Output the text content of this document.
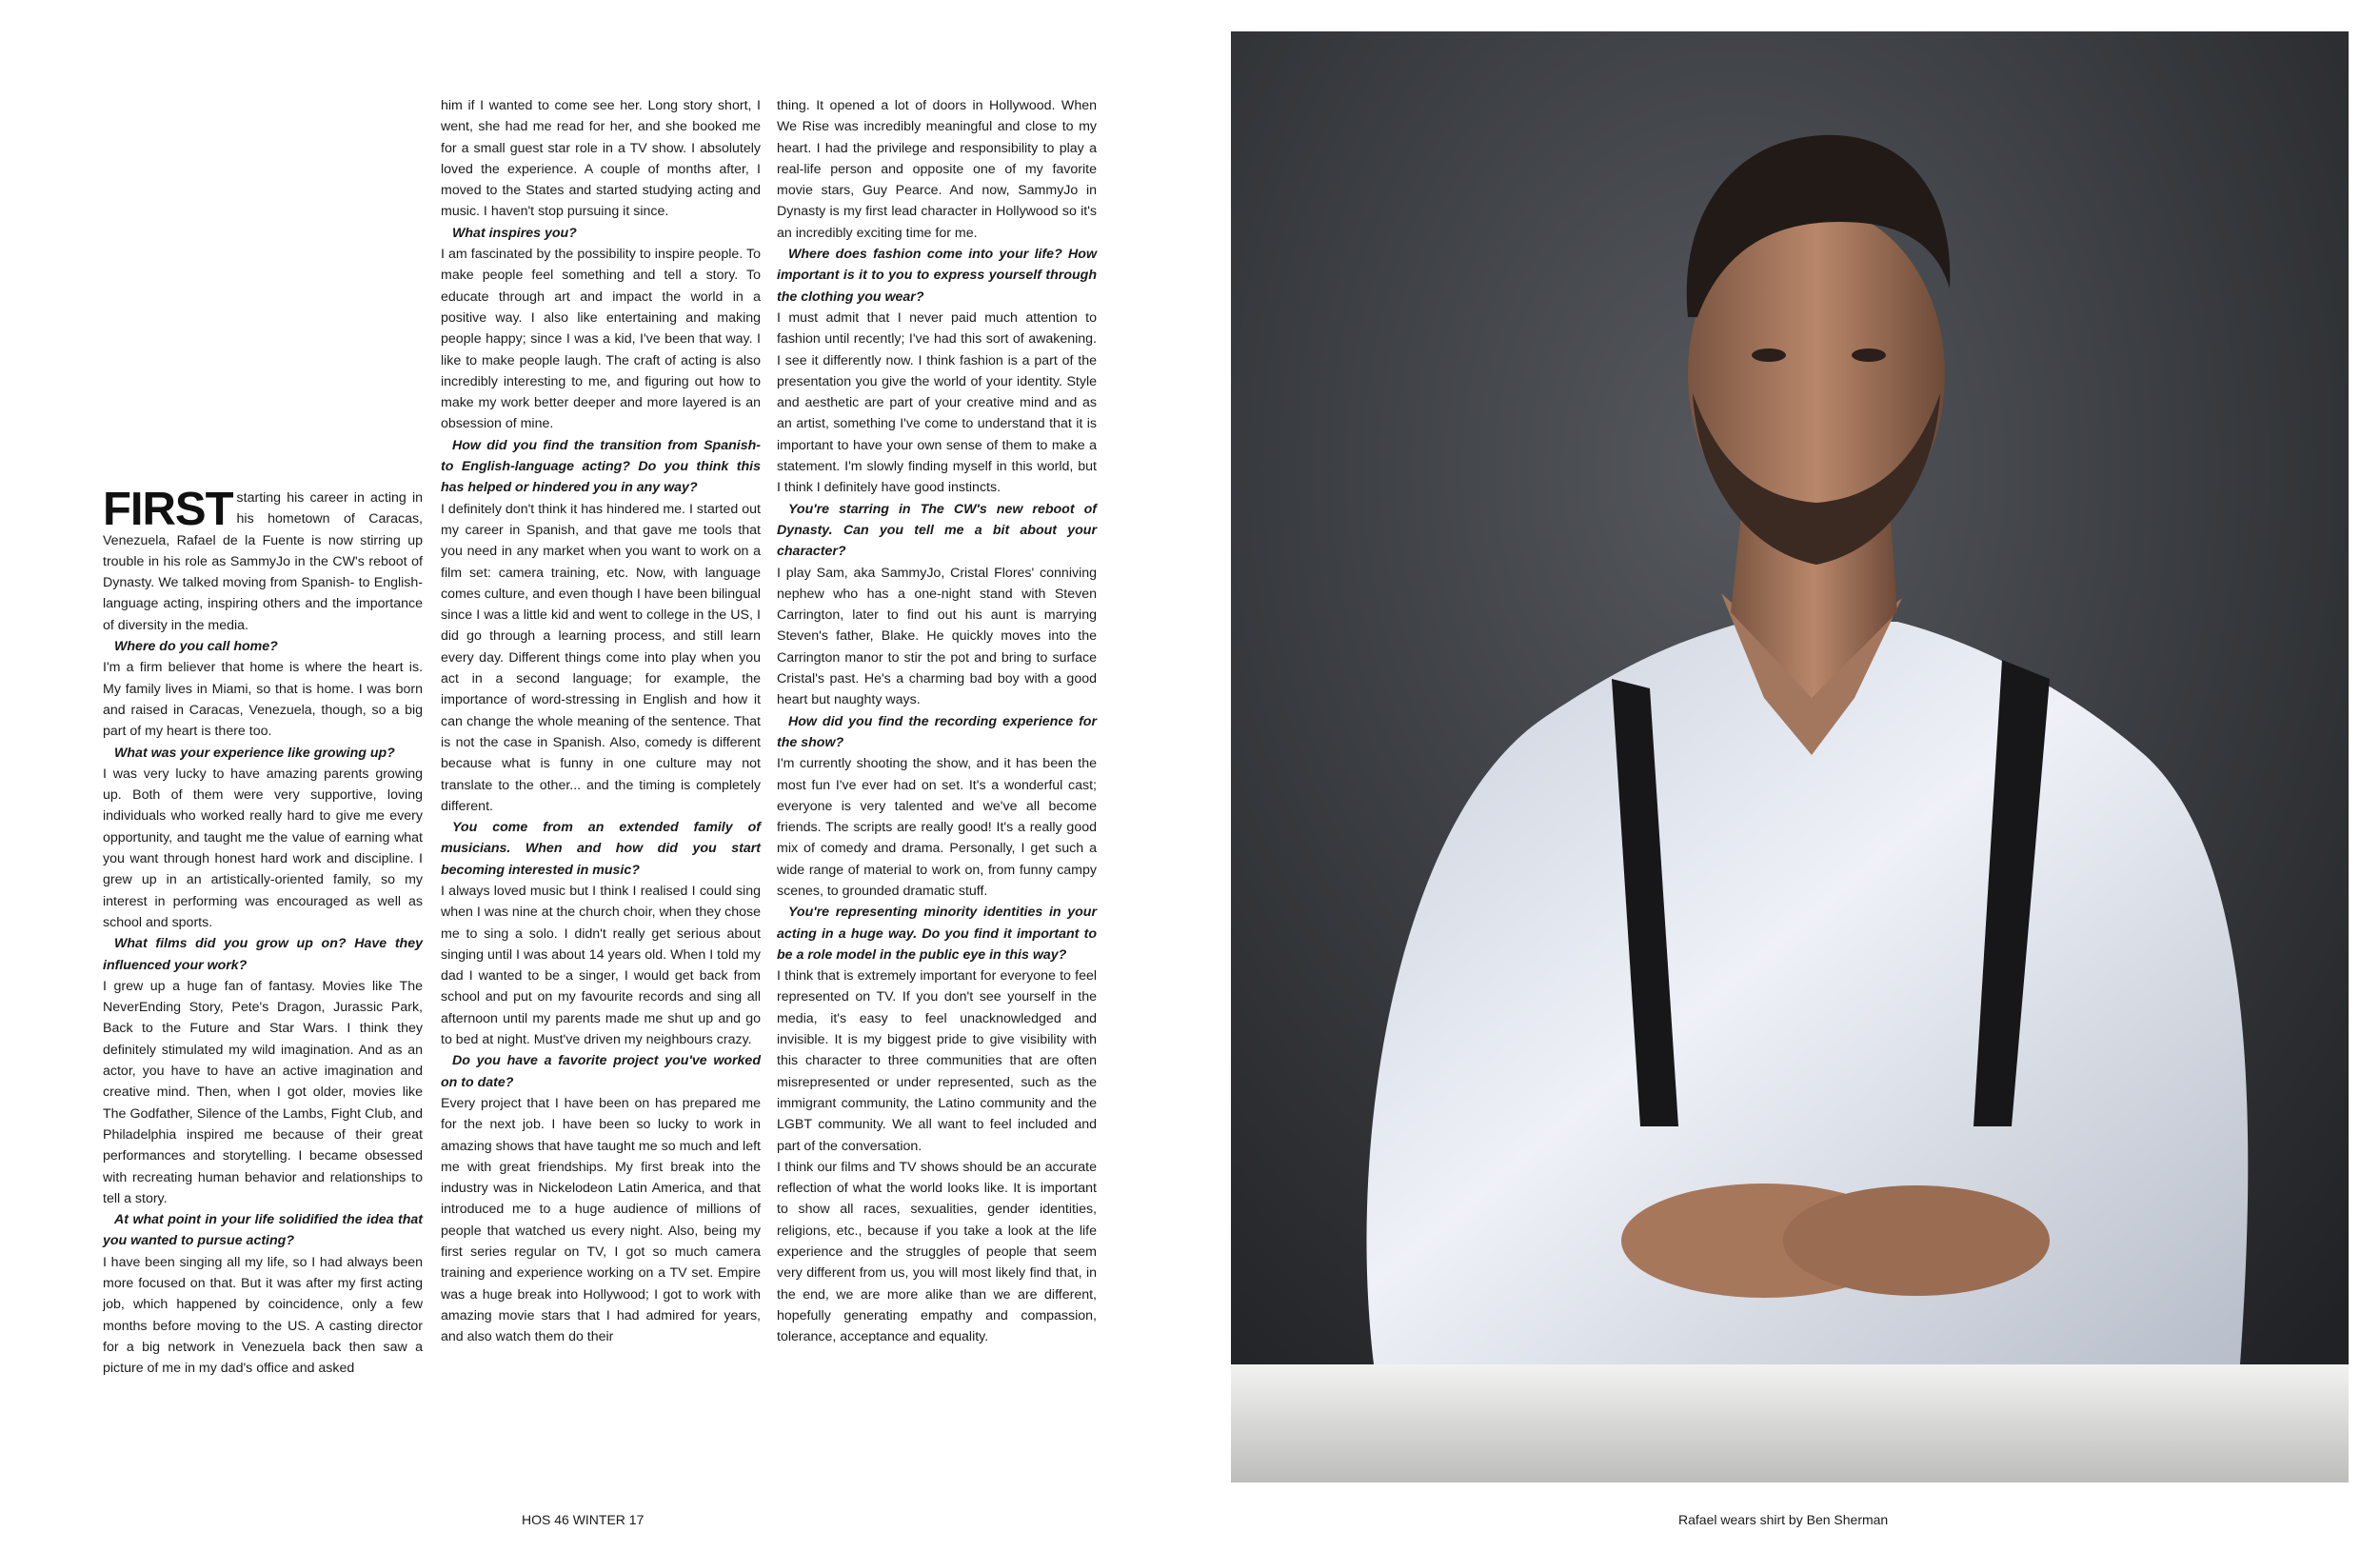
FIRST starting his career in acting in his hometown of Caracas, Venezuela, Rafael de la Fuente is now stirring up trouble in his role as SammyJo in the CW's reboot of Dynasty. We talked moving from Spanish- to English-language acting, inspiring others and the importance of diversity in the media.

Where do you call home?

I'm a firm believer that home is where the heart is. My family lives in Miami, so that is home. I was born and raised in Caracas, Venezuela, though, so a big part of my heart is there too.

What was your experience like growing up?

I was very lucky to have amazing parents growing up. Both of them were very supportive, loving individuals who worked really hard to give me every opportunity, and taught me the value of earning what you want through honest hard work and discipline. I grew up in an artistically-oriented family, so my interest in performing was encouraged as well as school and sports.

What films did you grow up on? Have they influenced your work?

I grew up a huge fan of fantasy. Movies like The NeverEnding Story, Pete's Dragon, Jurassic Park, Back to the Future and Star Wars. I think they definitely stimulated my wild imagination. And as an actor, you have to have an active imagination and creative mind. Then, when I got older, movies like The Godfather, Silence of the Lambs, Fight Club, and Philadelphia inspired me because of their great performances and storytelling. I became obsessed with recreating human behavior and relationships to tell a story.

At what point in your life solidified the idea that you wanted to pursue acting?

I have been singing all my life, so I had always been more focused on that. But it was after my first acting job, which happened by coincidence, only a few months before moving to the US. A casting director for a big network in Venezuela back then saw a picture of me in my dad's office and asked

him if I wanted to come see her. Long story short, I went, she had me read for her, and she booked me for a small guest star role in a TV show. I absolutely loved the experience. A couple of months after, I moved to the States and started studying acting and music. I haven't stop pursuing it since.

What inspires you?

I am fascinated by the possibility to inspire people. To make people feel something and tell a story. To educate through art and impact the world in a positive way. I also like entertaining and making people happy; since I was a kid, I've been that way. I like to make people laugh. The craft of acting is also incredibly interesting to me, and figuring out how to make my work better deeper and more layered is an obsession of mine.

How did you find the transition from Spanish- to English-language acting? Do you think this has helped or hindered you in any way?

I definitely don't think it has hindered me. I started out my career in Spanish, and that gave me tools that you need in any market when you want to work on a film set: camera training, etc. Now, with language comes culture, and even though I have been bilingual since I was a little kid and went to college in the US, I did go through a learning process, and still learn every day. Different things come into play when you act in a second language; for example, the importance of word-stressing in English and how it can change the whole meaning of the sentence. That is not the case in Spanish. Also, comedy is different because what is funny in one culture may not translate to the other... and the timing is completely different.

You come from an extended family of musicians. When and how did you start becoming interested in music?

I always loved music but I think I realised I could sing when I was nine at the church choir, when they chose me to sing a solo. I didn't really get serious about singing until I was about 14 years old. When I told my dad I wanted to be a singer, I would get back from school and put on my favourite records and sing all afternoon until my parents made me shut up and go to bed at night. Must've driven my neighbours crazy.

Do you have a favorite project you've worked on to date?

Every project that I have been on has prepared me for the next job. I have been so lucky to work in amazing shows that have taught me so much and left me with great friendships. My first break into the industry was in Nickelodeon Latin America, and that introduced me to a huge audience of millions of people that watched us every night. Also, being my first series regular on TV, I got so much camera training and experience working on a TV set. Empire was a huge break into Hollywood; I got to work with amazing movie stars that I had admired for years, and also watch them do their

thing. It opened a lot of doors in Hollywood. When We Rise was incredibly meaningful and close to my heart. I had the privilege and responsibility to play a real-life person and opposite one of my favorite movie stars, Guy Pearce. And now, SammyJo in Dynasty is my first lead character in Hollywood so it's an incredibly exciting time for me.

Where does fashion come into your life? How important is it to you to express yourself through the clothing you wear?

I must admit that I never paid much attention to fashion until recently; I've had this sort of awakening. I see it differently now. I think fashion is a part of the presentation you give the world of your identity. Style and aesthetic are part of your creative mind and as an artist, something I've come to understand that it is important to have your own sense of them to make a statement. I'm slowly finding myself in this world, but I think I definitely have good instincts.

You're starring in The CW's new reboot of Dynasty. Can you tell me a bit about your character?

I play Sam, aka SammyJo, Cristal Flores' conniving nephew who has a one-night stand with Steven Carrington, later to find out his aunt is marrying Steven's father, Blake. He quickly moves into the Carrington manor to stir the pot and bring to surface Cristal's past. He's a charming bad boy with a good heart but naughty ways.

How did you find the recording experience for the show?

I'm currently shooting the show, and it has been the most fun I've ever had on set. It's a wonderful cast; everyone is very talented and we've all become friends. The scripts are really good! It's a really good mix of comedy and drama. Personally, I get such a wide range of material to work on, from funny campy scenes, to grounded dramatic stuff.

You're representing minority identities in your acting in a huge way. Do you find it important to be a role model in the public eye in this way?

I think that is extremely important for everyone to feel represented on TV. If you don't see yourself in the media, it's easy to feel unacknowledged and invisible. It is my biggest pride to give visibility with this character to three communities that are often misrepresented or under represented, such as the immigrant community, the Latino community and the LGBT community. We all want to feel included and part of the conversation.

I think our films and TV shows should be an accurate reflection of what the world looks like. It is important to show all races, sexualities, gender identities, religions, etc., because if you take a look at the life experience and the struggles of people that seem very different from us, you will most likely find that, in the end, we are more alike than we are different, hopefully generating empathy and compassion, tolerance, acceptance and equality.

HOS 46 WINTER 17	Rafael wears shirt by Ben Sherman
